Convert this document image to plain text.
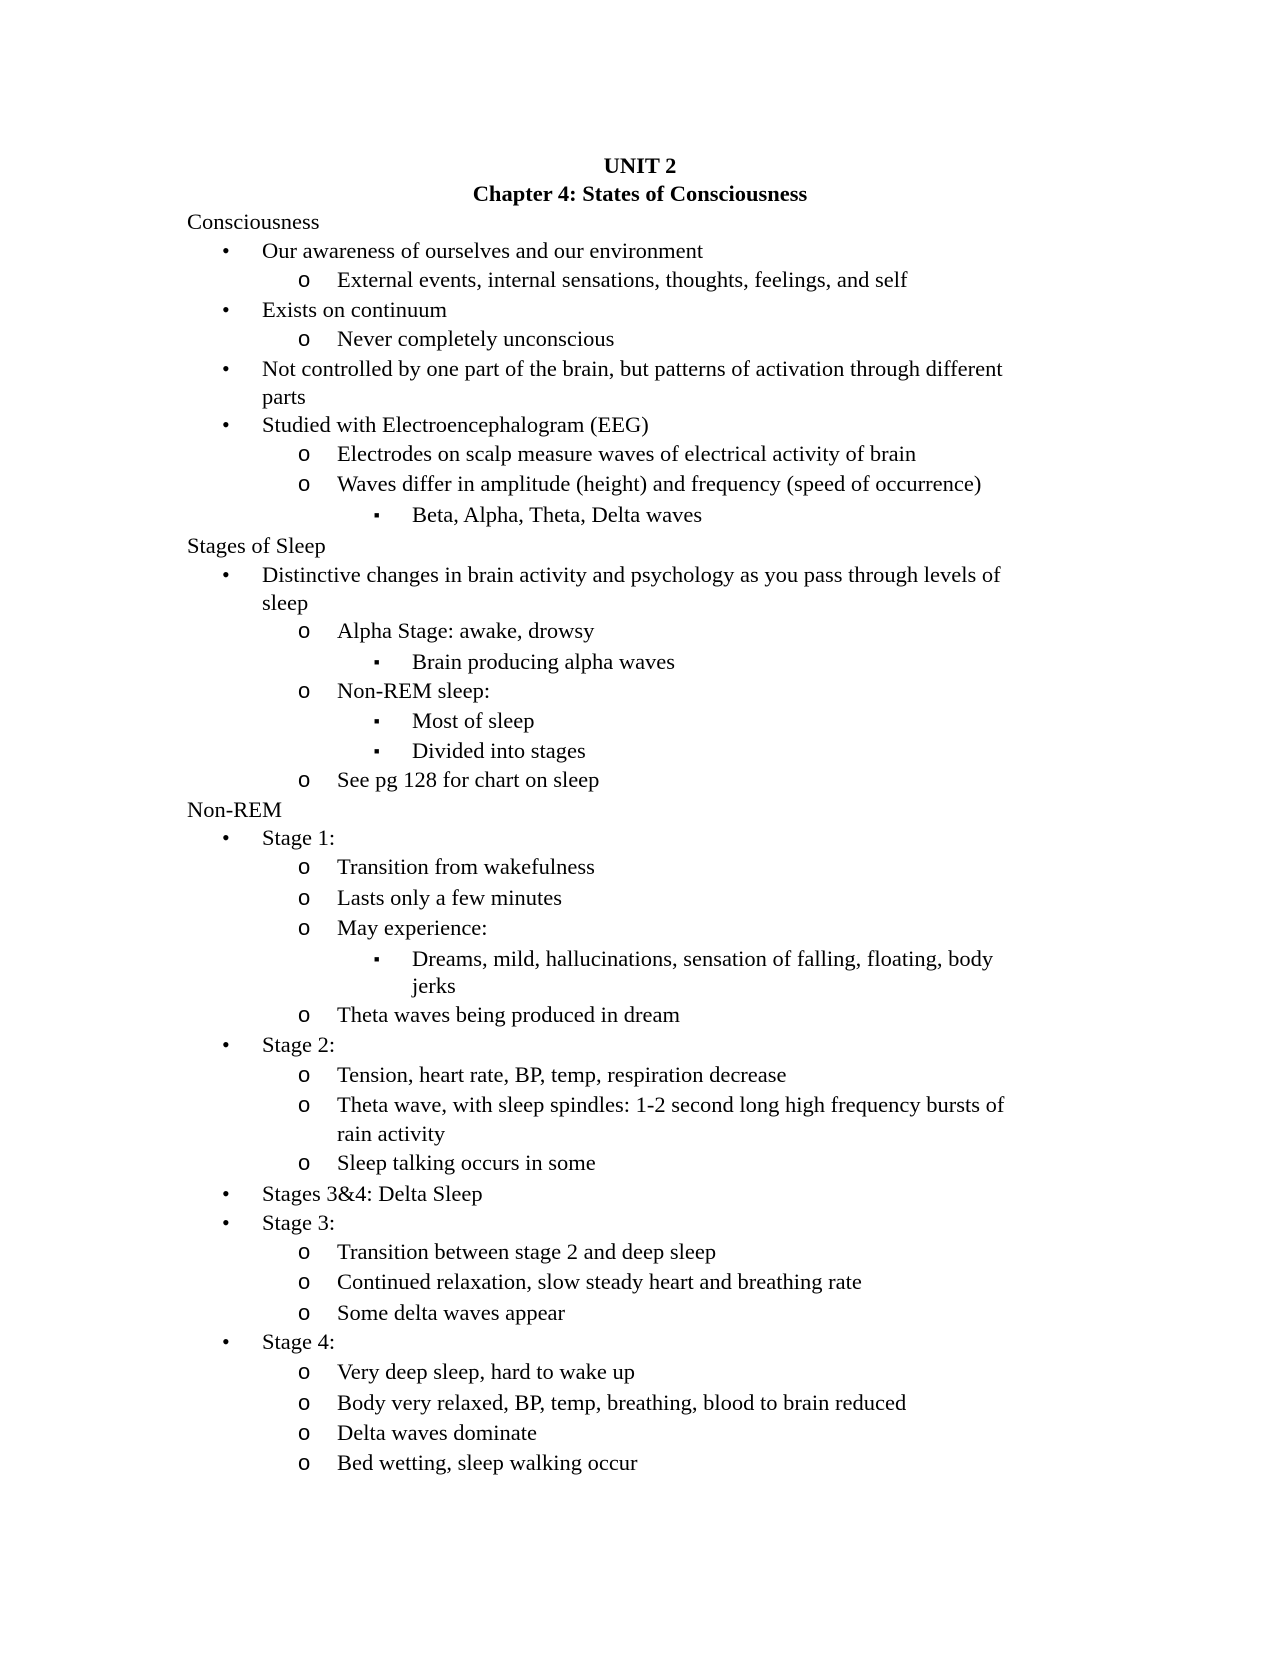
UNIT 2
Chapter 4: States of Consciousness
Consciousness
• Our awareness of ourselves and our environment
o External events, internal sensations, thoughts, feelings, and self
• Exists on continuum
o Never completely unconscious
• Not controlled by one part of the brain, but patterns of activation through different
parts
• Studied with Electroencephalogram (EEG)
o Electrodes on scalp measure waves of electrical activity of brain
o Waves differ in amplitude (height) and frequency (speed of occurrence)
■ Beta, Alpha, Theta, Delta waves
Stages of Sleep
• Distinctive changes in brain activity and psychology as you pass through levels of
sleep
o Alpha Stage: awake, drowsy
■ Brain producing alpha waves
o Non-REM sleep:
■ Most of sleep
■ Divided into stages
o See pg 128 for chart on sleep
Non-REM
• Stage 1:
o Transition from wakefulness
o Lasts only a few minutes
o May experience:
■ Dreams, mild, hallucinations, sensation of falling, floating, body
jerks
o Theta waves being produced in dream
• Stage 2:
o Tension, heart rate, BP, temp, respiration decrease
o Theta wave, with sleep spindles: 1-2 second long high frequency bursts of
rain activity
o Sleep talking occurs in some
• Stages 3&4: Delta Sleep
• Stage 3:
o Transition between stage 2 and deep sleep
o Continued relaxation, slow steady heart and breathing rate
o Some delta waves appear
• Stage 4:
o Very deep sleep, hard to wake up
o Body very relaxed, BP, temp, breathing, blood to brain reduced
o Delta waves dominate
o Bed wetting, sleep walking occur
